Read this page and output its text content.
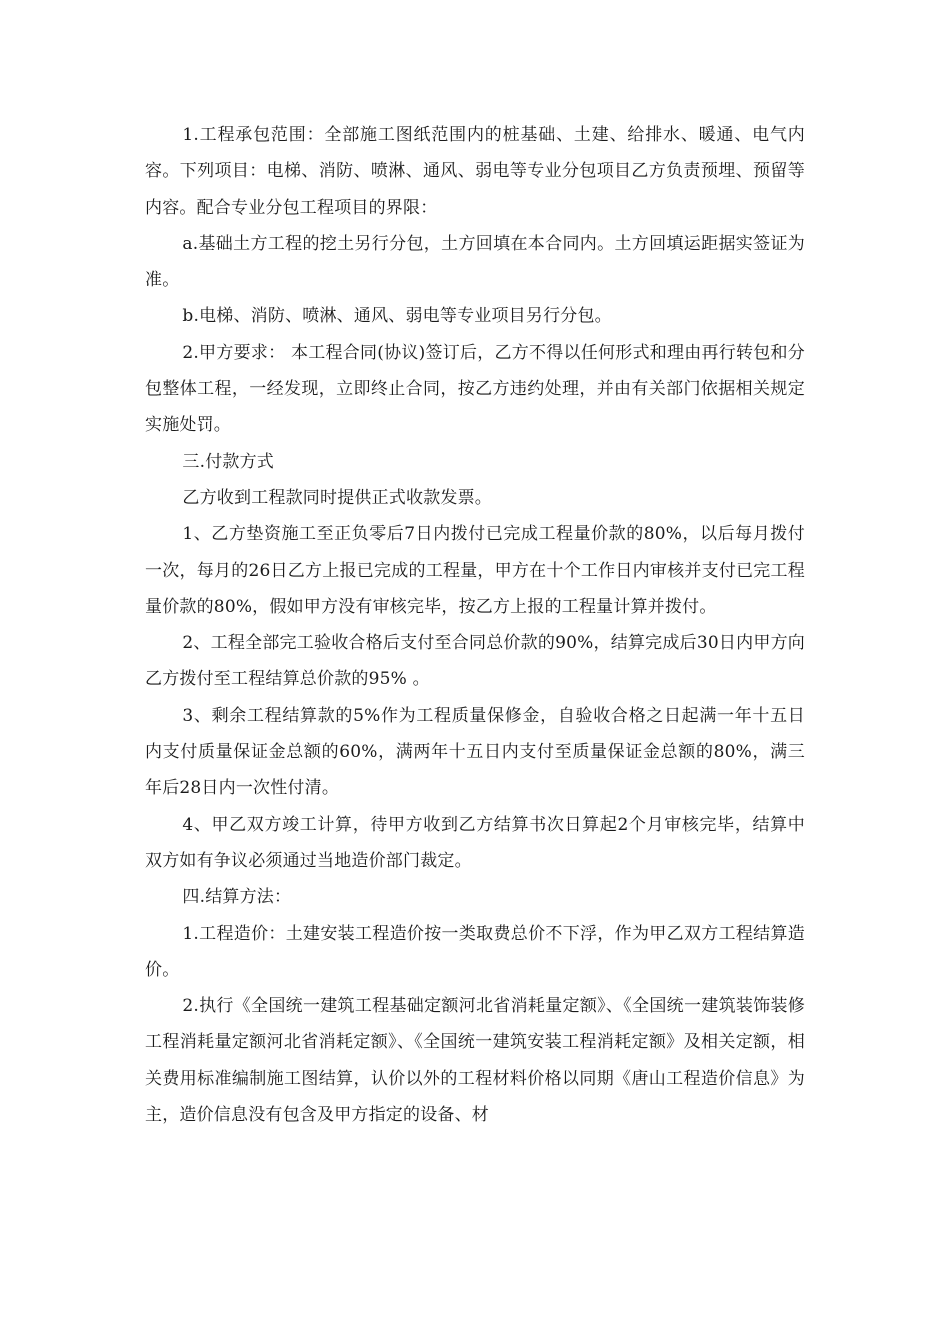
1.工程承包范围：全部施工图纸范围内的桩基础、土建、给排水、暖通、电气内容。下列项目：电梯、消防、喷淋、通风、弱电等专业分包项目乙方负责预埋、预留等内容。配合专业分包工程项目的界限：

a.基础土方工程的挖土另行分包，土方回填在本合同内。土方回填运距据实签证为准。

b.电梯、消防、喷淋、通风、弱电等专业项目另行分包。

2.甲方要求： 本工程合同(协议)签订后，乙方不得以任何形式和理由再行转包和分包整体工程，一经发现，立即终止合同，按乙方违约处理，并由有关部门依据相关规定实施处罚。

三.付款方式

乙方收到工程款同时提供正式收款发票。

1、乙方垫资施工至正负零后7日内拨付已完成工程量价款的80%，以后每月拨付一次，每月的26日乙方上报已完成的工程量，甲方在十个工作日内审核并支付已完工程量价款的80%，假如甲方没有审核完毕，按乙方上报的工程量计算并拨付。

2、工程全部完工验收合格后支付至合同总价款的90%，结算完成后30日内甲方向乙方拨付至工程结算总价款的95% 。

3、剩余工程结算款的5%作为工程质量保修金，自验收合格之日起满一年十五日内支付质量保证金总额的60%，满两年十五日内支付至质量保证金总额的80%，满三年后28日内一次性付清。

4、甲乙双方竣工计算，待甲方收到乙方结算书次日算起2个月审核完毕，结算中双方如有争议必须通过当地造价部门裁定。

四.结算方法：

1.工程造价：土建安装工程造价按一类取费总价不下浮，作为甲乙双方工程结算造价。

2.执行《全国统一建筑工程基础定额河北省消耗量定额》、《全国统一建筑装饰装修工程消耗量定额河北省消耗定额》、《全国统一建筑安装工程消耗定额》及相关定额，相关费用标准编制施工图结算，认价以外的工程材料价格以同期《唐山工程造价信息》为主，造价信息没有包含及甲方指定的设备、材
